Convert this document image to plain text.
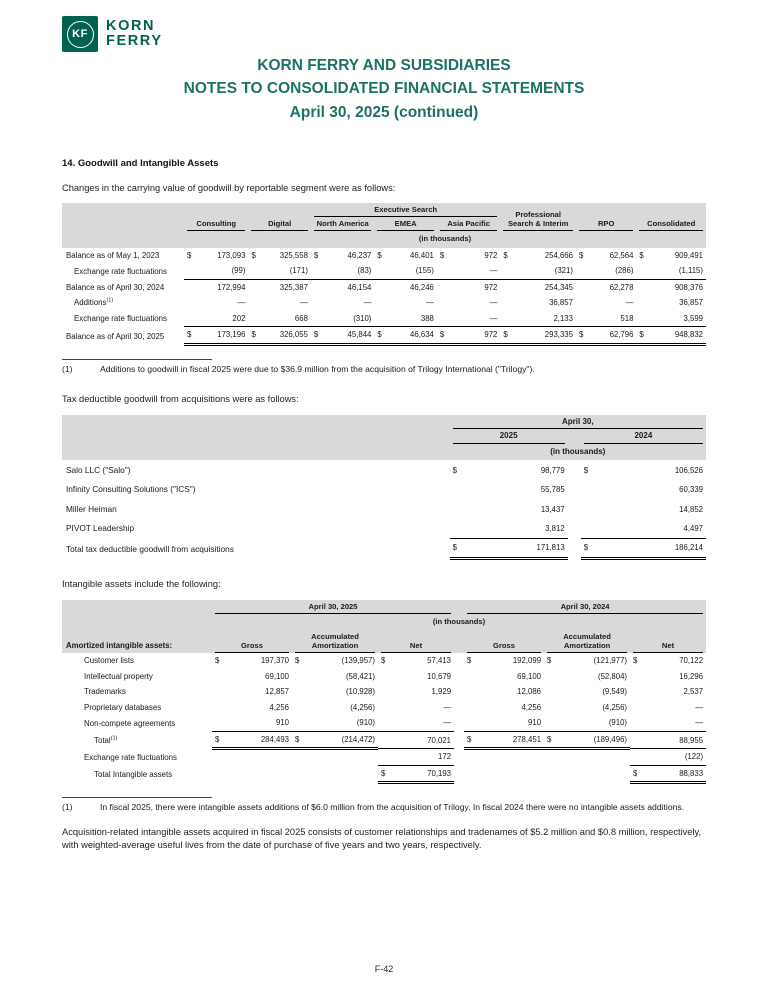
KF	KORN
FERRY
KORN FERRY AND SUBSIDIARIES
NOTES TO CONSOLIDATED FINANCIAL STATEMENTS
April 30, 2025 (continued)
14. Goodwill and Intangible Assets

Changes in the carrying value of goodwill by reportable segment were as follows:

			Executive Search			Professional Search & Interim		

	Consulting	Digital	North America	EMEA	Asia Pacific		RPO	Consolidated

	(in thousands)							
Balance as of May 1, 2023	$ 173,093	$ 325,558	$ 46,237	$ 46,401	$ 972	$ 254,666	$ 62,564	$ 909,491

Exchange rate fluctuations	(99)	(171)	(83)	(155)	—	(321)	(286)	(1,115)

Balance as of April 30, 2024	172,994	325,387	46,154	46,246	972	254,345	62,278	908,376

Additions$^{(1)}$	—	—	—	—	—	36,857	—	36,857

Exchange rate fluctuations	202	668	(310)	388	—	2,133	518	3,599

Balance as of April 30, 2025	$ 173,196	$ 326,055	$ 45,844	$ 46,634	$ 972	$ 293,335	$ 62,796	$ 948,832
(1)	Additions to goodwill in fiscal 2025 were due to $36.9 million from the acquisition of Trilogy International ("Trilogy").

Tax deductible goodwill from acquisitions were as follows:

	April 30,		

	2025		2024

	(in thousands)		
Salo LLC ("Salo")	$ 98,779		$ 106,526

Infinity Consulting Solutions ("ICS")	55,785		60,339

Miller Heiman	13,437		14,852

PIVOT Leadership	3,812		4,497

Total tax deductible goodwill from acquisitions	$ 171,813		$ 186,214

Intangible assets include the following:

	April 30, 2025				April 30, 2024		

	(in thousands)						
Amortized intangible assets:	Gross	Accumulated Amortization	Net		Gross	Accumulated Amortization	Net

Customer lists	$ 197,370	$ (139,957)	$ 57,413		$ 192,099	$ (121,977)	$ 70,122

Intellectual property	69,100	(58,421)	10,679		69,100	(52,804)	16,296

Trademarks	12,857	(10,928)	1,929		12,086	(9,549)	2,537

Proprietary databases	4,256	(4,256)	—		4,256	(4,256)	—

Non-compete agreements	910	(910)	—		910	(910)	—

Total$^{(1)}$	$ 284,493	$ (214,472)	70,021		$ 278,451	$ (189,496)	88,955

Exchange rate fluctuations			172				(122)

Total Intangible assets			$ 70,193				$ 88,833
(1)	In fiscal 2025, there were intangible assets additions of $6.0 million from the acquisition of Trilogy. In fiscal 2024 there were no intangible assets additions.

Acquisition-related intangible assets acquired in fiscal 2025 consists of customer relationships and tradenames of $5.2 million and $0.8 million, respectively, with weighted-average useful lives from the date of purchase of five years and two years, respectively.

F-42
